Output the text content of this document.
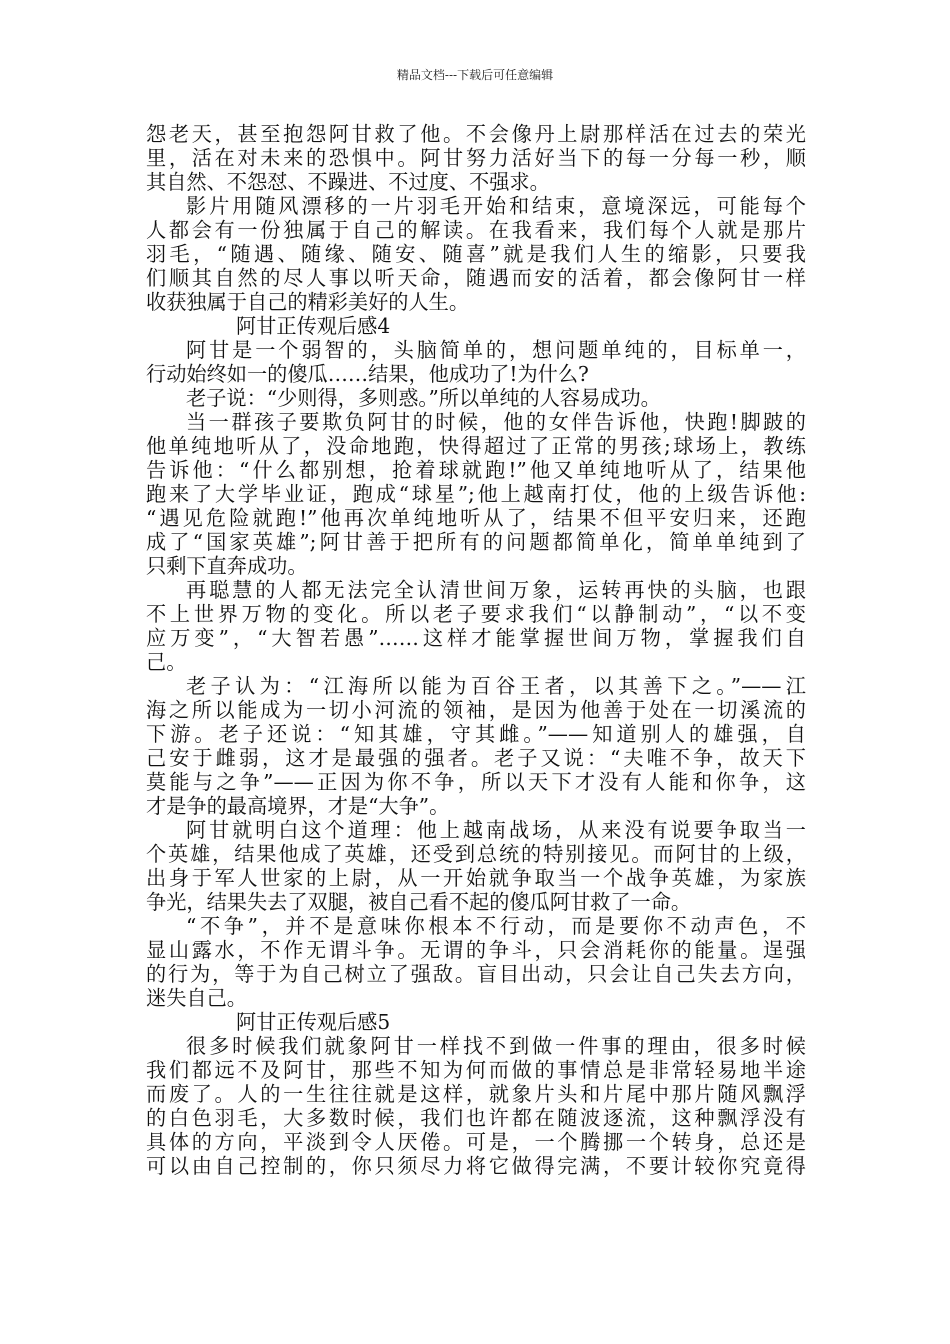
精品文档---下载后可任意编辑
怨老天，甚至抱怨阿甘救了他。不会像丹上尉那样活在过去的荣光
里，活在对未来的恐惧中。阿甘努力活好当下的每一分每一秒，顺
其自然、不怨怼、不躁进、不过度、不强求。
影片用随风漂移的一片羽毛开始和结束，意境深远，可能每个
人都会有一份独属于自己的解读。在我看来，我们每个人就是那片
羽毛，“随遇、随缘、随安、随喜”就是我们人生的缩影，只要我
们顺其自然的尽人事以听天命，随遇而安的活着，都会像阿甘一样
收获独属于自己的精彩美好的人生。
阿甘正传观后感4
阿甘是一个弱智的，头脑简单的，想问题单纯的，目标单一，
行动始终如一的傻瓜……结果，他成功了!为什么?
老子说：“少则得，多则惑。”所以单纯的人容易成功。
当一群孩子要欺负阿甘的时候，他的女伴告诉他，快跑!脚跛的
他单纯地听从了，没命地跑，快得超过了正常的男孩;球场上，教练
告诉他：“什么都别想，抢着球就跑!”他又单纯地听从了，结果他
跑来了大学毕业证，跑成“球星”;他上越南打仗，他的上级告诉他:
“遇见危险就跑!”他再次单纯地听从了，结果不但平安归来，还跑
成了“国家英雄”;阿甘善于把所有的问题都简单化，简单单纯到了
只剩下直奔成功。
再聪慧的人都无法完全认清世间万象，运转再快的头脑，也跟
不上世界万物的变化。所以老子要求我们“以静制动”，“以不变
应万变”，“大智若愚”……这样才能掌握世间万物，掌握我们自
己。
老子认为：“江海所以能为百谷王者，以其善下之。”——江
海之所以能成为一切小河流的领袖，是因为他善于处在一切溪流的
下游。老子还说：“知其雄，守其雌。”——知道别人的雄强，自
己安于雌弱，这才是最强的强者。老子又说：“夫唯不争，故天下
莫能与之争”——正因为你不争，所以天下才没有人能和你争，这
才是争的最高境界，才是“大争”。
阿甘就明白这个道理：他上越南战场，从来没有说要争取当一
个英雄，结果他成了英雄，还受到总统的特别接见。而阿甘的上级，
出身于军人世家的上尉，从一开始就争取当一个战争英雄，为家族
争光，结果失去了双腿，被自己看不起的傻瓜阿甘救了一命。
“不争”，并不是意味你根本不行动，而是要你不动声色，不
显山露水，不作无谓斗争。无谓的争斗，只会消耗你的能量。逞强
的行为，等于为自己树立了强敌。盲目出动，只会让自己失去方向，
迷失自己。
阿甘正传观后感5
很多时候我们就象阿甘一样找不到做一件事的理由，很多时候
我们都远不及阿甘，那些不知为何而做的事情总是非常轻易地半途
而废了。人的一生往往就是这样，就象片头和片尾中那片随风飘浮
的白色羽毛，大多数时候，我们也许都在随波逐流，这种飘浮没有
具体的方向，平淡到令人厌倦。可是，一个腾挪一个转身，总还是
可以由自己控制的，你只须尽力将它做得完满，不要计较你究竟得
